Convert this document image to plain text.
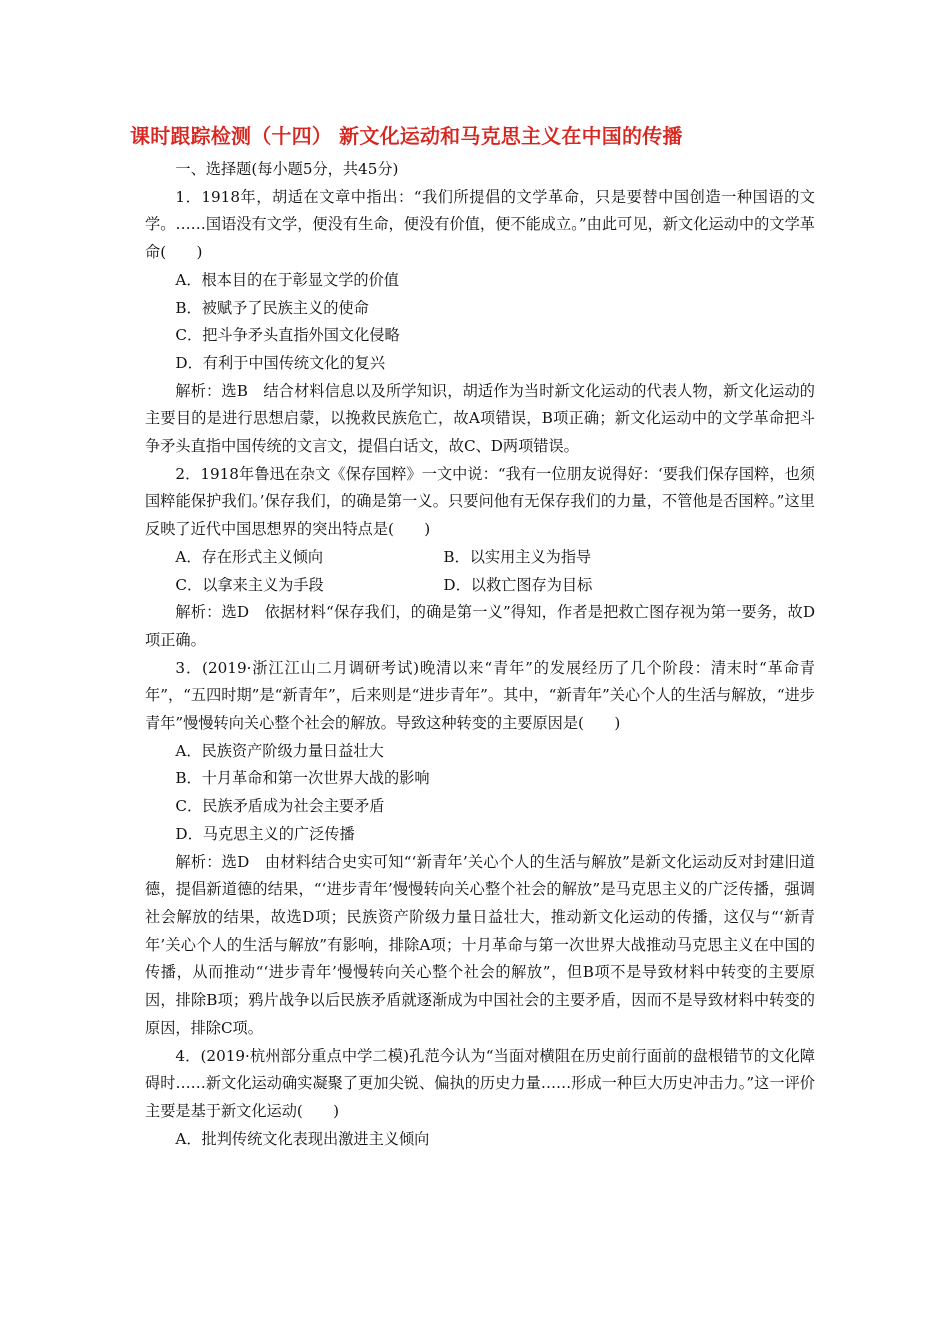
课时跟踪检测（十四） 新文化运动和马克思主义在中国的传播

一、选择题(每小题5分，共45分)

1．1918年，胡适在文章中指出：“我们所提倡的文学革命，只是要替中国创造一种国语的文学。……国语没有文学，便没有生命，便没有价值，便不能成立。”由此可见，新文化运动中的文学革命(　　)

A．根本目的在于彰显文学的价值

B．被赋予了民族主义的使命

C．把斗争矛头直指外国文化侵略

D．有利于中国传统文化的复兴

解析：选B　结合材料信息以及所学知识，胡适作为当时新文化运动的代表人物，新文化运动的主要目的是进行思想启蒙，以挽救民族危亡，故A项错误，B项正确；新文化运动中的文学革命把斗争矛头直指中国传统的文言文，提倡白话文，故C、D两项错误。

2．1918年鲁迅在杂文《保存国粹》一文中说：“我有一位朋友说得好：‘要我们保存国粹，也须国粹能保护我们。’保存我们，的确是第一义。只要问他有无保存我们的力量，不管他是否国粹。”这里反映了近代中国思想界的突出特点是(　　)

A．存在形式主义倾向	B．以实用主义为指导
C．以拿来主义为手段	D．以救亡图存为目标

解析：选D　依据材料“保存我们，的确是第一义”得知，作者是把救亡图存视为第一要务，故D项正确。

3．(2019·浙江江山二月调研考试)晚清以来“青年”的发展经历了几个阶段：清末时“革命青年”，“五四时期”是“新青年”，后来则是“进步青年”。其中，“新青年”关心个人的生活与解放，“进步青年”慢慢转向关心整个社会的解放。导致这种转变的主要原因是(　　)

A．民族资产阶级力量日益壮大

B．十月革命和第一次世界大战的影响

C．民族矛盾成为社会主要矛盾

D．马克思主义的广泛传播

解析：选D　由材料结合史实可知“‘新青年’关心个人的生活与解放”是新文化运动反对封建旧道德，提倡新道德的结果，“‘进步青年’慢慢转向关心整个社会的解放”是马克思主义的广泛传播，强调社会解放的结果，故选D项；民族资产阶级力量日益壮大，推动新文化运动的传播，这仅与“‘新青年’关心个人的生活与解放”有影响，排除A项；十月革命与第一次世界大战推动马克思主义在中国的传播，从而推动“‘进步青年’慢慢转向关心整个社会的解放”，但B项不是导致材料中转变的主要原因，排除B项；鸦片战争以后民族矛盾就逐渐成为中国社会的主要矛盾，因而不是导致材料中转变的原因，排除C项。

4．(2019·杭州部分重点中学二模)孔范今认为“当面对横阻在历史前行面前的盘根错节的文化障碍时……新文化运动确实凝聚了更加尖锐、偏执的历史力量……形成一种巨大历史冲击力。”这一评价主要是基于新文化运动(　　)

A．批判传统文化表现出激进主义倾向
